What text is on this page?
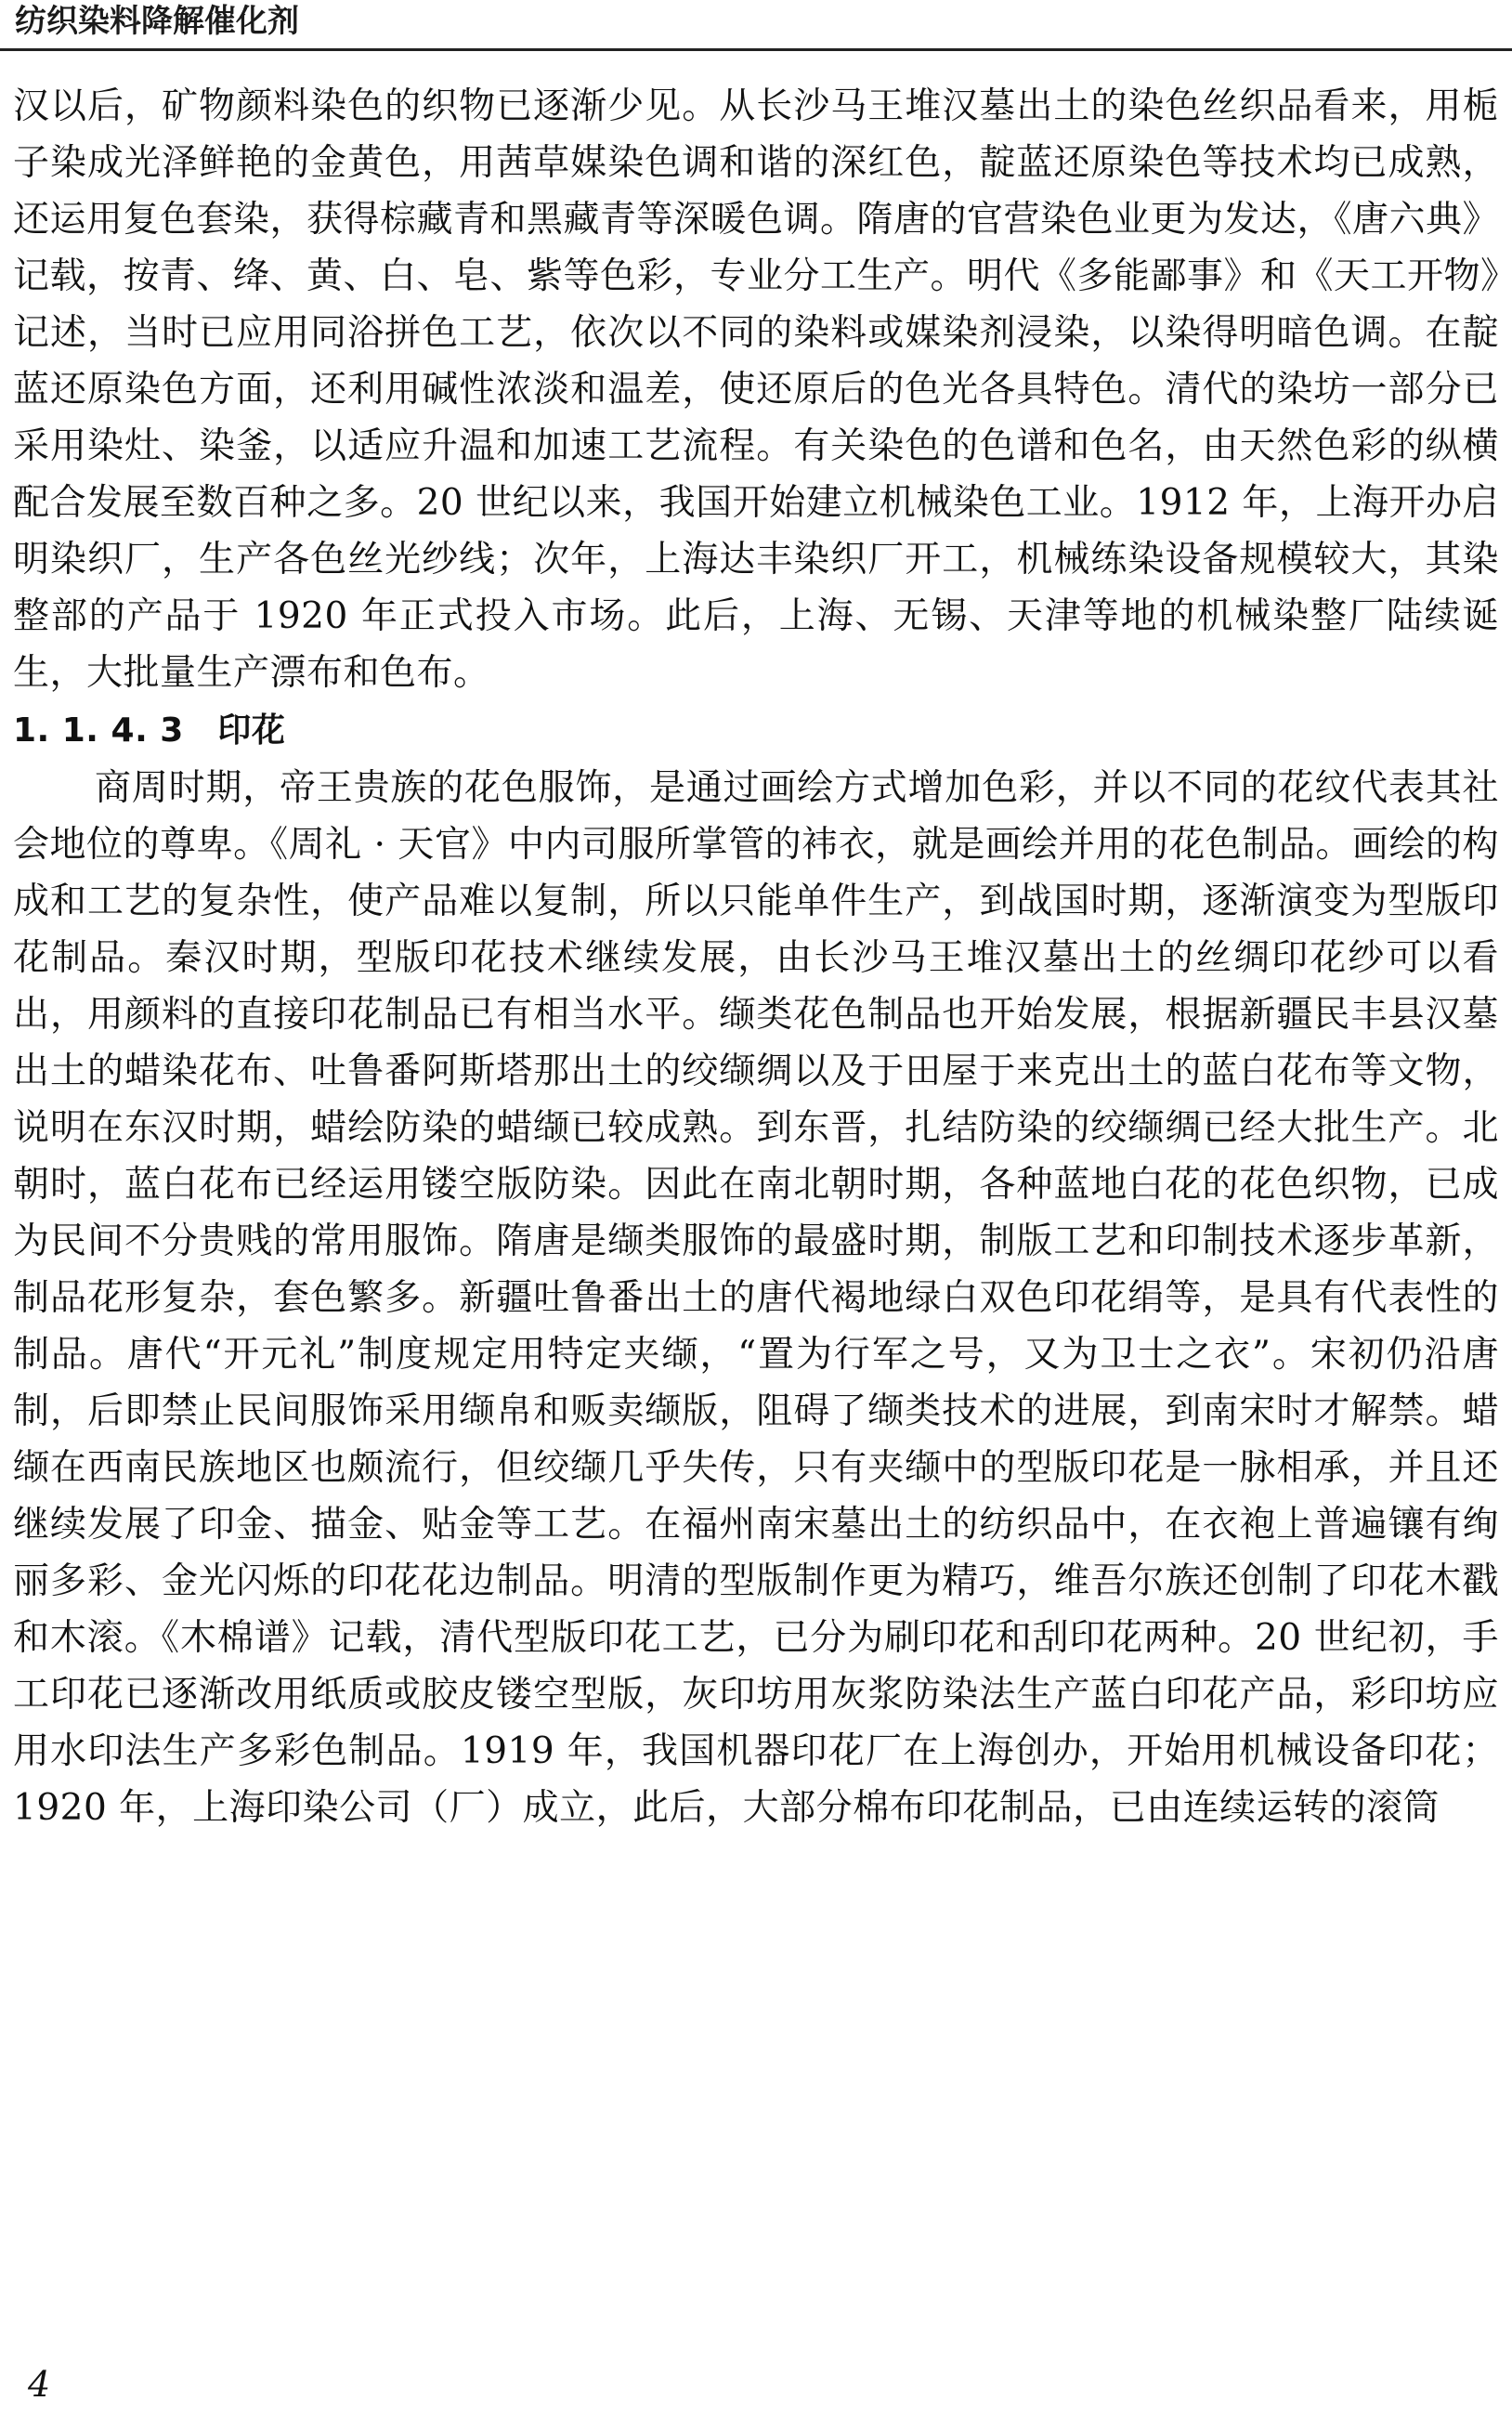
纺织染料降解催化剂

汉以后，矿物颜料染色的织物已逐渐少见。从长沙马王堆汉墓出土的染色丝织品看来，用栀子染成光泽鲜艳的金黄色，用茜草媒染色调和谐的深红色，靛蓝还原染色等技术均已成熟，还运用复色套染，获得棕藏青和黑藏青等深暖色调。隋唐的官营染色业更为发达，《唐六典》记载，按青、绛、黄、白、皂、紫等色彩，专业分工生产。明代《多能鄙事》和《天工开物》记述，当时已应用同浴拼色工艺，依次以不同的染料或媒染剂浸染，以染得明暗色调。在靛蓝还原染色方面，还利用碱性浓淡和温差，使还原后的色光各具特色。清代的染坊一部分已采用染灶、染釜，以适应升温和加速工艺流程。有关染色的色谱和色名，由天然色彩的纵横配合发展至数百种之多。20 世纪以来，我国开始建立机械染色工业。1912 年，上海开办启明染织厂，生产各色丝光纱线；次年，上海达丰染织厂开工，机械练染设备规模较大，其染整部的产品于 1920 年正式投入市场。此后，上海、无锡、天津等地的机械染整厂陆续诞生，大批量生产漂布和色布。

1. 1. 4. 3　印花

商周时期，帝王贵族的花色服饰，是通过画绘方式增加色彩，并以不同的花纹代表其社会地位的尊卑。《周礼 · 天官》中内司服所掌管的袆衣，就是画绘并用的花色制品。画绘的构成和工艺的复杂性，使产品难以复制，所以只能单件生产，到战国时期，逐渐演变为型版印花制品。秦汉时期，型版印花技术继续发展，由长沙马王堆汉墓出土的丝绸印花纱可以看出，用颜料的直接印花制品已有相当水平。缬类花色制品也开始发展，根据新疆民丰县汉墓出土的蜡染花布、吐鲁番阿斯塔那出土的绞缬绸以及于田屋于来克出土的蓝白花布等文物，说明在东汉时期，蜡绘防染的蜡缬已较成熟。到东晋，扎结防染的绞缬绸已经大批生产。北朝时，蓝白花布已经运用镂空版防染。因此在南北朝时期，各种蓝地白花的花色织物，已成为民间不分贵贱的常用服饰。隋唐是缬类服饰的最盛时期，制版工艺和印制技术逐步革新，制品花形复杂，套色繁多。新疆吐鲁番出土的唐代褐地绿白双色印花绢等，是具有代表性的制品。唐代“开元礼”制度规定用特定夹缬，“置为行军之号，又为卫士之衣”。宋初仍沿唐制，后即禁止民间服饰采用缬帛和贩卖缬版，阻碍了缬类技术的进展，到南宋时才解禁。蜡缬在西南民族地区也颇流行，但绞缬几乎失传，只有夹缬中的型版印花是一脉相承，并且还继续发展了印金、描金、贴金等工艺。在福州南宋墓出土的纺织品中，在衣袍上普遍镶有绚丽多彩、金光闪烁的印花花边制品。明清的型版制作更为精巧，维吾尔族还创制了印花木戳和木滚。《木棉谱》记载，清代型版印花工艺，已分为刷印花和刮印花两种。20 世纪初，手工印花已逐渐改用纸质或胶皮镂空型版，灰印坊用灰浆防染法生产蓝白印花产品，彩印坊应用水印法生产多彩色制品。1919 年，我国机器印花厂在上海创办，开始用机械设备印花；1920 年，上海印染公司（厂）成立，此后，大部分棉布印花制品，已由连续运转的滚筒

4
